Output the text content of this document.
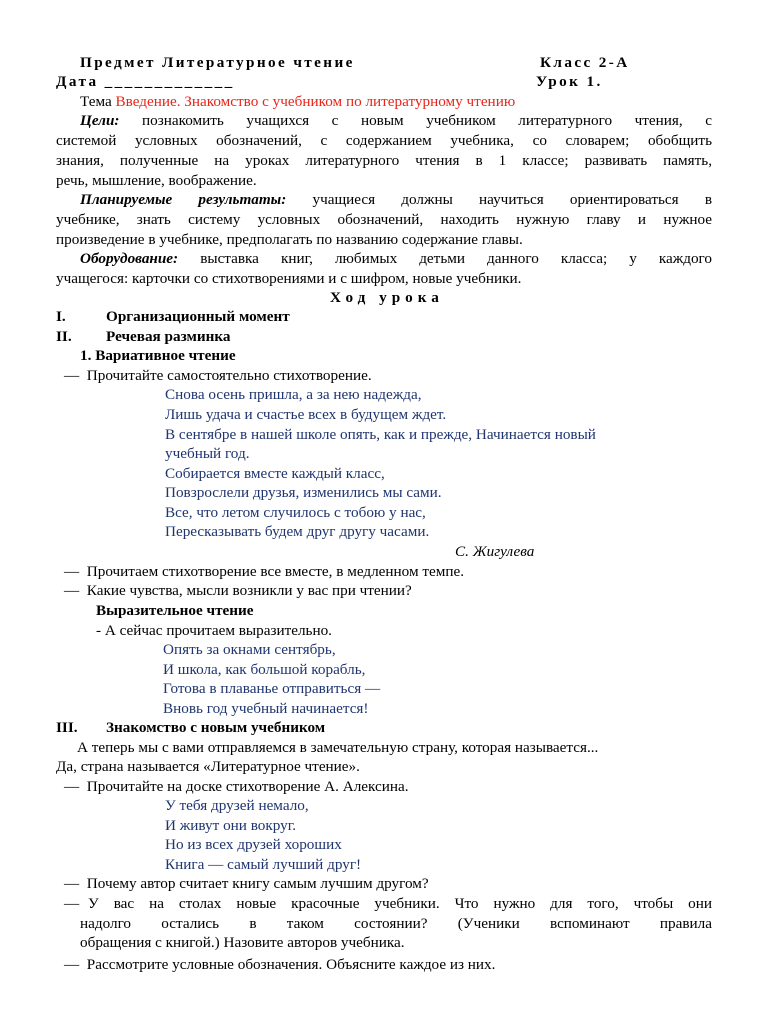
Предмет Литературное чтение	Класс 2-А
Дата _____________	Урок 1.
Тема Введение. Знакомство с учебником по литературному чтению
Цели: познакомить учащихся с новым учебником литературного чтения, с
системой условных обозначений, с содержанием учебника, со словарем; обобщить
знания, полученные на уроках литературного чтения в 1 классе; развивать память,
речь, мышление, воображение.
Планируемые результаты: учащиеся должны научиться ориентироваться в
учебнике, знать систему условных обозначений, находить нужную главу и нужное
произведение в учебнике, предполагать по названию содержание главы.
Оборудование: выставка книг, любимых детьми данного класса; у каждого
учащегося: карточки со стихотворениями и с шифром, новые учебники.
Ход урока
I.	Организационный момент
II. Речевая разминка
1. Вариативное чтение
— Прочитайте самостоятельно стихотворение.
Снова осень пришла, а за нею надежда,
Лишь удача и счастье всех в будущем ждет.
В сентябре в нашей школе опять, как и прежде, Начинается новый
учебный год.
Собирается вместе каждый класс,
Повзрослели друзья, изменились мы сами.
Все, что летом случилось с тобою у нас,
Пересказывать будем друг другу часами.
С. Жигулева
— Прочитаем стихотворение все вместе, в медленном темпе.
— Какие чувства, мысли возникли у вас при чтении?
Выразительное чтение
- А сейчас прочитаем выразительно.
Опять за окнами сентябрь,
И школа, как большой корабль,
Готова в плаванье отправиться —
Вновь год учебный начинается!
III. Знакомство с новым учебником
А теперь мы с вами отправляемся в замечательную страну, которая называется...
Да, страна называется «Литературное чтение».
— Прочитайте на доске стихотворение А. Алексина.
У тебя друзей немало,
И живут они вокруг.
Но из всех друзей хороших
Книга — самый лучший друг!
— Почему автор считает книгу самым лучшим другом?
— У вас на столах новые красочные учебники. Что нужно для того, чтобы они
надолго остались в таком состоянии? (Ученики вспоминают правила
обращения с книгой.) Назовите авторов учебника.
— Рассмотрите условные обозначения. Объясните каждое из них.
